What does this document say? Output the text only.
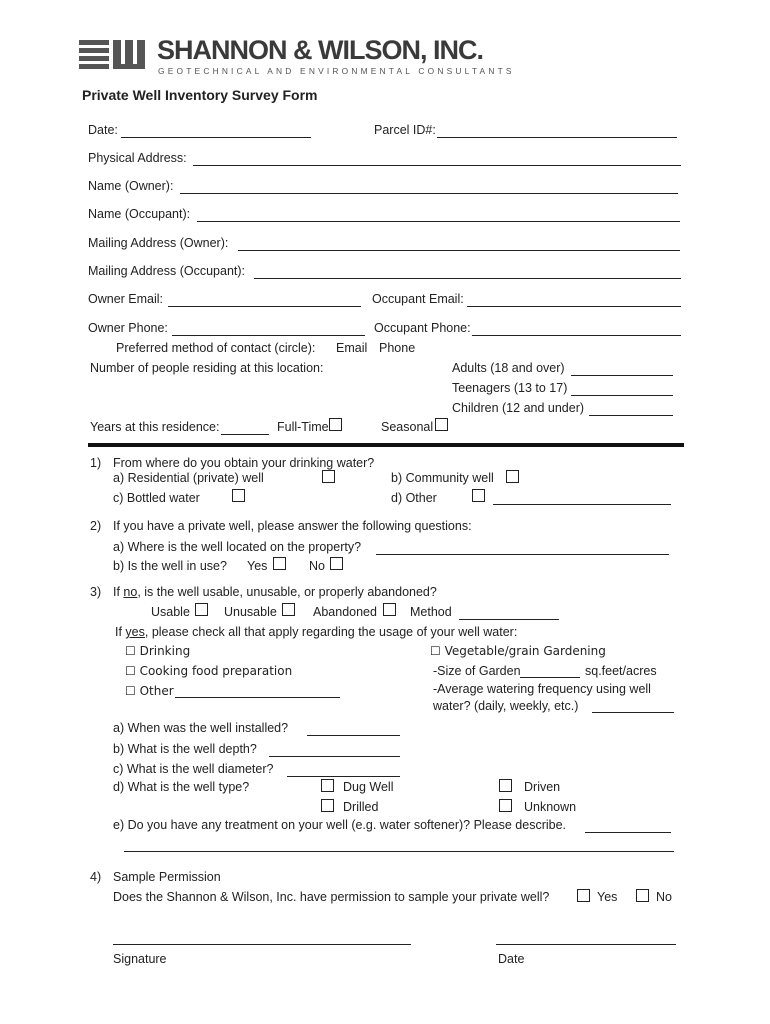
SHANNON & WILSON, INC.
GEOTECHNICAL AND ENVIRONMENTAL CONSULTANTS
Private Well Inventory Survey Form
Date:	Parcel ID#:
Physical Address:
Name (Owner):
Name (Occupant):
Mailing Address (Owner):
Mailing Address (Occupant):
Owner Email:	Occupant Email:
Owner Phone:	Occupant Phone:
Preferred method of contact (circle): Email Phone
Number of people residing at this location:	Adults (18 and over)
Teenagers (13 to 17)
Children (12 and under)
Years at this residence:	Full-Time	Seasonal
1) From where do you obtain your drinking water?
a) Residential (private) well	b) Community well
c) Bottled water	d) Other
2) If you have a private well, please answer the following questions:
a) Where is the well located on the property?
b) Is the well in use? Yes	No
3) If no, is the well usable, unusable, or properly abandoned?
Usable	Unusable	Abandoned	Method
If yes, please check all that apply regarding the usage of your well water:
☐ Drinking
☐ Cooking food preparation
☐ Other
☐ Vegetable/grain Gardening
-Size of Garden	sq.feet/acres
-Average watering frequency using well
water? (daily, weekly, etc.)
a) When was the well installed?
b) What is the well depth?
c) What is the well diameter?
d) What is the well type?	Dug Well	Driven
Drilled	Unknown
e) Do you have any treatment on your well (e.g. water softener)? Please describe.
4) Sample Permission
Does the Shannon & Wilson, Inc. have permission to sample your private well?	Yes	No
Signature	Date
